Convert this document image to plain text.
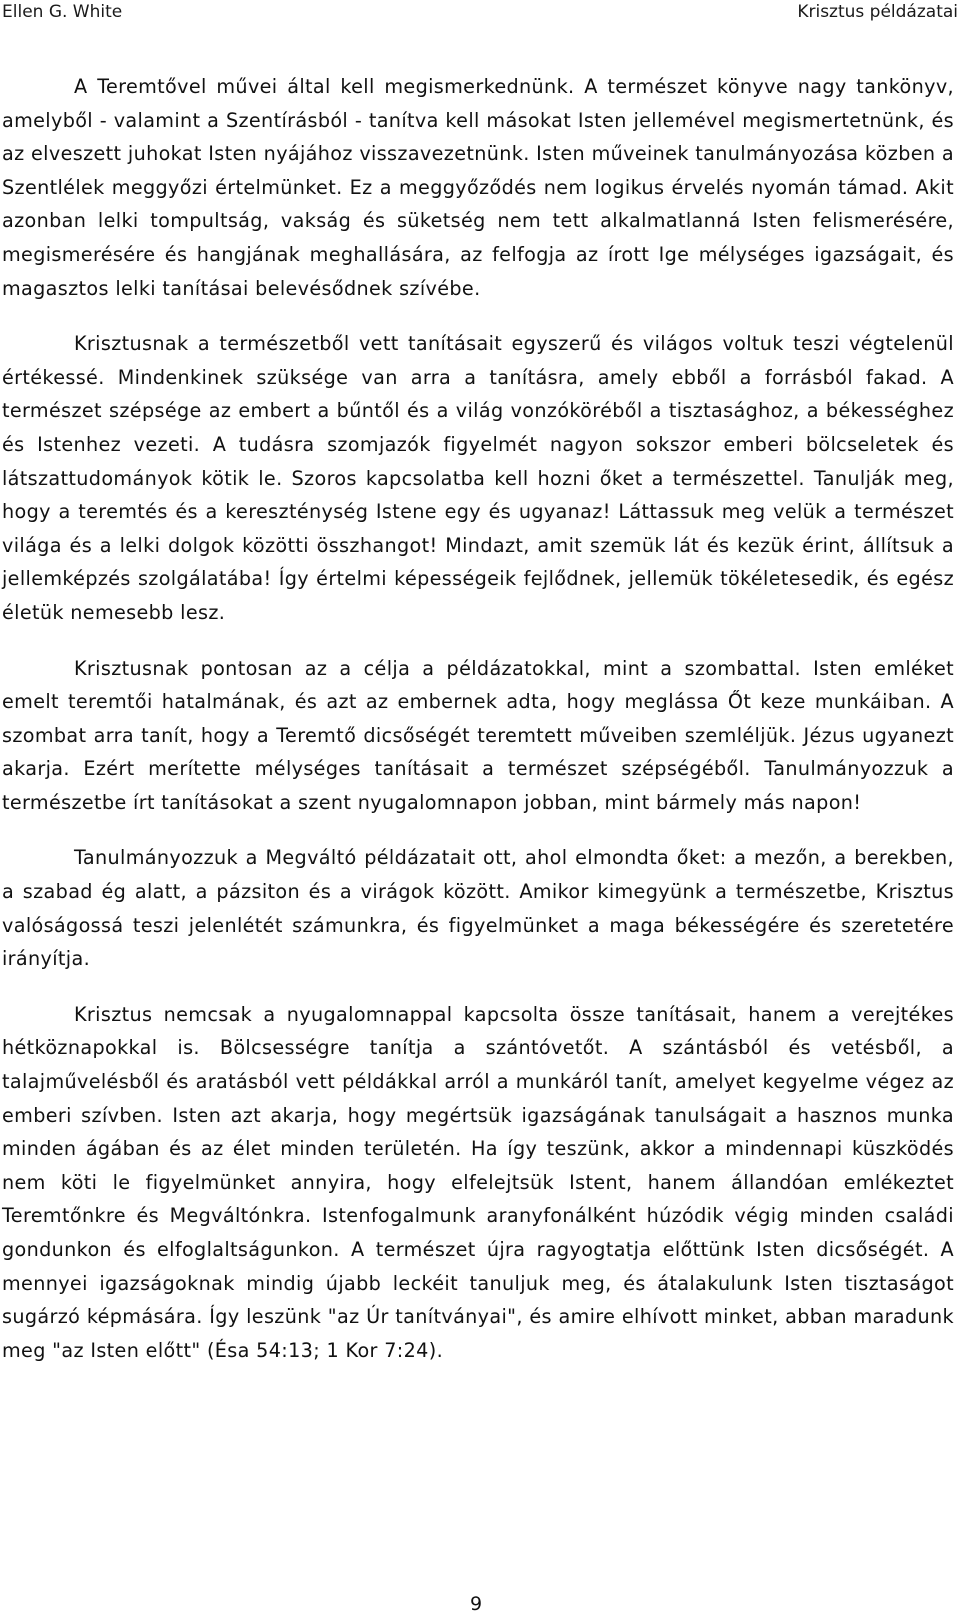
Ellen G. White	Krisztus példázatai

A Teremtővel művei által kell megismerkednünk. A természet könyve nagy tankönyv, amelyből - valamint a Szentírásból - tanítva kell másokat Isten jellemével megismertetnünk, és az elveszett juhokat Isten nyájához visszavezetnünk. Isten műveinek tanulmányozása közben a Szentlélek meggyőzi értelmünket. Ez a meggyőződés nem logikus érvelés nyomán támad. Akit azonban lelki tompultság, vakság és süketség nem tett alkalmatlanná Isten felismerésére, megismerésére és hangjának meghallására, az felfogja az írott Ige mélységes igazságait, és magasztos lelki tanításai belevésődnek szívébe.

Krisztusnak a természetből vett tanításait egyszerű és világos voltuk teszi végtelenül értékessé. Mindenkinek szüksége van arra a tanításra, amely ebből a forrásból fakad. A természet szépsége az embert a bűntől és a világ vonzóköréből a tisztasághoz, a békességhez és Istenhez vezeti. A tudásra szomjazók figyelmét nagyon sokszor emberi bölcseletek és látszattudományok kötik le. Szoros kapcsolatba kell hozni őket a természettel. Tanulják meg, hogy a teremtés és a kereszténység Istene egy és ugyanaz! Láttassuk meg velük a természet világa és a lelki dolgok közötti összhangot! Mindazt, amit szemük lát és kezük érint, állítsuk a jellemképzés szolgálatába! Így értelmi képességeik fejlődnek, jellemük tökéletesedik, és egész életük nemesebb lesz.

Krisztusnak pontosan az a célja a példázatokkal, mint a szombattal. Isten emléket emelt teremtői hatalmának, és azt az embernek adta, hogy meglássa Őt keze munkáiban. A szombat arra tanít, hogy a Teremtő dicsőségét teremtett műveiben szemléljük. Jézus ugyanezt akarja. Ezért merítette mélységes tanításait a természet szépségéből. Tanulmányozzuk a természetbe írt tanításokat a szent nyugalomnapon jobban, mint bármely más napon!

Tanulmányozzuk a Megváltó példázatait ott, ahol elmondta őket: a mezőn, a berekben, a szabad ég alatt, a pázsiton és a virágok között. Amikor kimegyünk a természetbe, Krisztus valóságossá teszi jelenlétét számunkra, és figyelmünket a maga békességére és szeretetére irányítja.

Krisztus nemcsak a nyugalomnappal kapcsolta össze tanításait, hanem a verejtékes hétköznapokkal is. Bölcsességre tanítja a szántóvetőt. A szántásból és vetésből, a talajművelésből és aratásból vett példákkal arról a munkáról tanít, amelyet kegyelme végez az emberi szívben. Isten azt akarja, hogy megértsük igazságának tanulságait a hasznos munka minden ágában és az élet minden területén. Ha így teszünk, akkor a mindennapi küszködés nem köti le figyelmünket annyira, hogy elfelejtsük Istent, hanem állandóan emlékeztet Teremtőnkre és Megváltónkra. Istenfogalmunk aranyfonálként húzódik végig minden családi gondunkon és elfoglaltságunkon. A természet újra ragyogtatja előttünk Isten dicsőségét. A mennyei igazságoknak mindig újabb leckéit tanuljuk meg, és átalakulunk Isten tisztaságot sugárzó képmására. Így leszünk "az Úr tanítványai", és amire elhívott minket, abban maradunk meg "az Isten előtt" (Ésa 54:13; 1 Kor 7:24).

9
